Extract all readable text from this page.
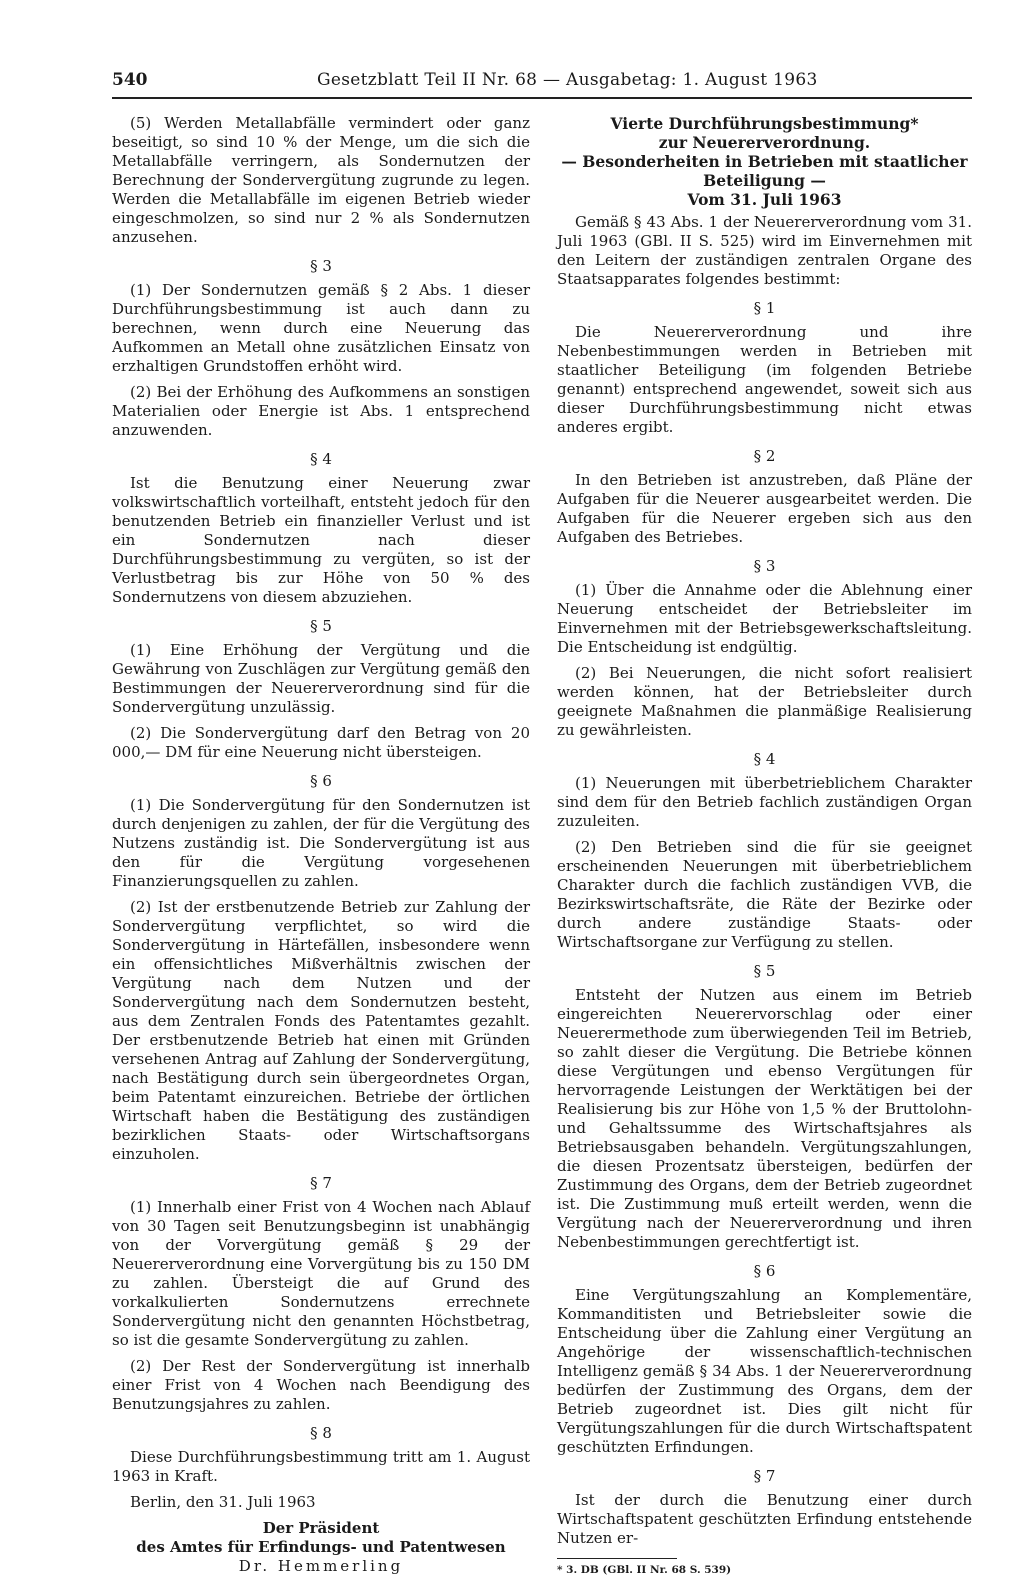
540	Gesetzblatt Teil II Nr. 68 — Ausgabetag: 1. August 1963

(5) Werden Metallabfälle vermindert oder ganz beseitigt, so sind 10 % der Menge, um die sich die Metallabfälle verringern, als Sondernutzen der Berechnung der Sondervergütung zugrunde zu legen. Werden die Metallabfälle im eigenen Betrieb wieder eingeschmolzen, so sind nur 2 % als Sondernutzen anzusehen.

§ 3

(1) Der Sondernutzen gemäß § 2 Abs. 1 dieser Durchführungsbestimmung ist auch dann zu berechnen, wenn durch eine Neuerung das Aufkommen an Metall ohne zusätzlichen Einsatz von erzhaltigen Grundstoffen erhöht wird.

(2) Bei der Erhöhung des Aufkommens an sonstigen Materialien oder Energie ist Abs. 1 entsprechend anzuwenden.

§ 4

Ist die Benutzung einer Neuerung zwar volkswirtschaftlich vorteilhaft, entsteht jedoch für den benutzenden Betrieb ein finanzieller Verlust und ist ein Sondernutzen nach dieser Durchführungsbestimmung zu vergüten, so ist der Verlustbetrag bis zur Höhe von 50 % des Sondernutzens von diesem abzuziehen.

§ 5

(1) Eine Erhöhung der Vergütung und die Gewährung von Zuschlägen zur Vergütung gemäß den Bestimmungen der Neuererverordnung sind für die Sondervergütung unzulässig.

(2) Die Sondervergütung darf den Betrag von 20 000,— DM für eine Neuerung nicht übersteigen.

§ 6

(1) Die Sondervergütung für den Sondernutzen ist durch denjenigen zu zahlen, der für die Vergütung des Nutzens zuständig ist. Die Sondervergütung ist aus den für die Vergütung vorgesehenen Finanzierungsquellen zu zahlen.

(2) Ist der erstbenutzende Betrieb zur Zahlung der Sondervergütung verpflichtet, so wird die Sondervergütung in Härtefällen, insbesondere wenn ein offensichtliches Mißverhältnis zwischen der Vergütung nach dem Nutzen und der Sondervergütung nach dem Sondernutzen besteht, aus dem Zentralen Fonds des Patentamtes gezahlt. Der erstbenutzende Betrieb hat einen mit Gründen versehenen Antrag auf Zahlung der Sondervergütung, nach Bestätigung durch sein übergeordnetes Organ, beim Patentamt einzureichen. Betriebe der örtlichen Wirtschaft haben die Bestätigung des zuständigen bezirklichen Staats- oder Wirtschaftsorgans einzuholen.

§ 7

(1) Innerhalb einer Frist von 4 Wochen nach Ablauf von 30 Tagen seit Benutzungsbeginn ist unabhängig von der Vorvergütung gemäß § 29 der Neuererverordnung eine Vorvergütung bis zu 150 DM zu zahlen. Übersteigt die auf Grund des vorkalkulierten Sondernutzens errechnete Sondervergütung nicht den genannten Höchstbetrag, so ist die gesamte Sondervergütung zu zahlen.

(2) Der Rest der Sondervergütung ist innerhalb einer Frist von 4 Wochen nach Beendigung des Benutzungsjahres zu zahlen.

§ 8

Diese Durchführungsbestimmung tritt am 1. August 1963 in Kraft.

Berlin, den 31. Juli 1963

Der Präsident
des Amtes für Erfindungs- und Patentwesen
Dr. Hemmerling
Vierte Durchführungsbestimmung*
zur Neuererverordnung.
— Besonderheiten in Betrieben mit staatlicher Beteiligung —
Vom 31. Juli 1963

Gemäß § 43 Abs. 1 der Neuererverordnung vom 31. Juli 1963 (GBl. II S. 525) wird im Einvernehmen mit den Leitern der zuständigen zentralen Organe des Staatsapparates folgendes bestimmt:

§ 1

Die Neuererverordnung und ihre Nebenbestimmungen werden in Betrieben mit staatlicher Beteiligung (im folgenden Betriebe genannt) entsprechend angewendet, soweit sich aus dieser Durchführungsbestimmung nicht etwas anderes ergibt.

§ 2

In den Betrieben ist anzustreben, daß Pläne der Aufgaben für die Neuerer ausgearbeitet werden. Die Aufgaben für die Neuerer ergeben sich aus den Aufgaben des Betriebes.

§ 3

(1) Über die Annahme oder die Ablehnung einer Neuerung entscheidet der Betriebsleiter im Einvernehmen mit der Betriebsgewerkschaftsleitung. Die Entscheidung ist endgültig.

(2) Bei Neuerungen, die nicht sofort realisiert werden können, hat der Betriebsleiter durch geeignete Maßnahmen die planmäßige Realisierung zu gewährleisten.

§ 4

(1) Neuerungen mit überbetrieblichem Charakter sind dem für den Betrieb fachlich zuständigen Organ zuzuleiten.

(2) Den Betrieben sind die für sie geeignet erscheinenden Neuerungen mit überbetrieblichem Charakter durch die fachlich zuständigen VVB, die Bezirkswirtschaftsräte, die Räte der Bezirke oder durch andere zuständige Staats- oder Wirtschaftsorgane zur Verfügung zu stellen.

§ 5

Entsteht der Nutzen aus einem im Betrieb eingereichten Neuerervorschlag oder einer Neuerermethode zum überwiegenden Teil im Betrieb, so zahlt dieser die Vergütung. Die Betriebe können diese Vergütungen und ebenso Vergütungen für hervorragende Leistungen der Werktätigen bei der Realisierung bis zur Höhe von 1,5 % der Bruttolohn- und Gehaltssumme des Wirtschaftsjahres als Betriebsausgaben behandeln. Vergütungszahlungen, die diesen Prozentsatz übersteigen, bedürfen der Zustimmung des Organs, dem der Betrieb zugeordnet ist. Die Zustimmung muß erteilt werden, wenn die Vergütung nach der Neuererverordnung und ihren Nebenbestimmungen gerechtfertigt ist.

§ 6

Eine Vergütungszahlung an Komplementäre, Kommanditisten und Betriebsleiter sowie die Entscheidung über die Zahlung einer Vergütung an Angehörige der wissenschaftlich-technischen Intelligenz gemäß § 34 Abs. 1 der Neuererverordnung bedürfen der Zustimmung des Organs, dem der Betrieb zugeordnet ist. Dies gilt nicht für Vergütungszahlungen für die durch Wirtschaftspatent geschützten Erfindungen.

§ 7

Ist der durch die Benutzung einer durch Wirtschaftspatent geschützten Erfindung entstehende Nutzen er-

* 3. DB (GBl. II Nr. 68 S. 539)
